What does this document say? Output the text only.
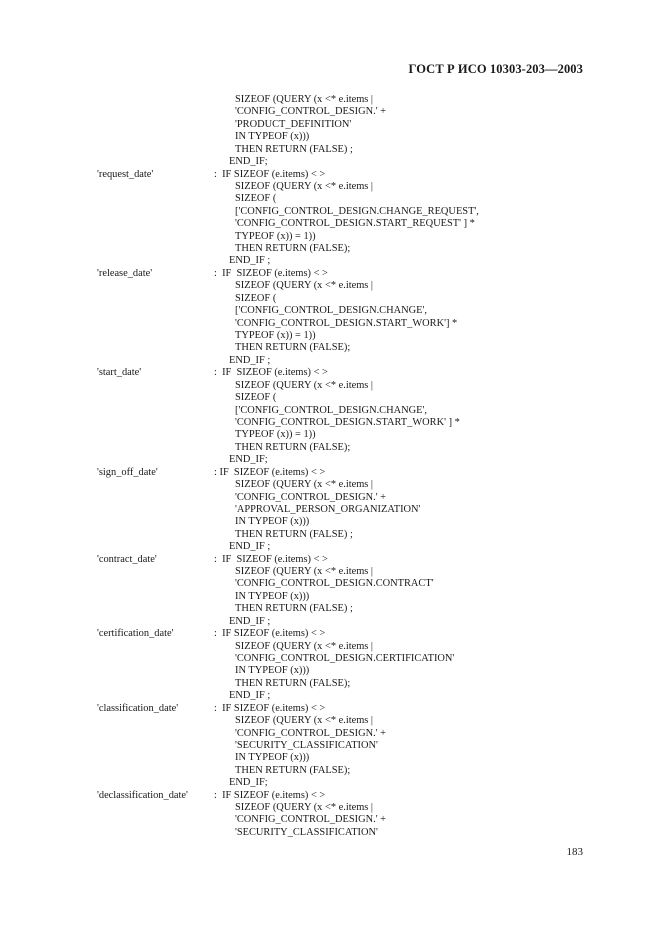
ГОСТ Р ИСО 10303-203—2003
SIZEOF (QUERY (x <* e.items |
'CONFIG_CONTROL_DESIGN.' +
'PRODUCT_DEFINITION'
IN TYPEOF (x)))
THEN RETURN (FALSE) ;
END_IF;
'request_date'	:  IF SIZEOF (e.items) < >
SIZEOF (QUERY (x <* e.items |
SIZEOF (
['CONFIG_CONTROL_DESIGN.CHANGE_REQUEST',
'CONFIG_CONTROL_DESIGN.START_REQUEST' ] *
TYPEOF (x)) = 1))
THEN RETURN (FALSE);
END_IF ;
'release_date'	:  IF  SIZEOF (e.items) < >
SIZEOF (QUERY (x <* e.items |
SIZEOF (
['CONFIG_CONTROL_DESIGN.CHANGE',
'CONFIG_CONTROL_DESIGN.START_WORK'] *
TYPEOF (x)) = 1))
THEN RETURN (FALSE);
END_IF ;
'start_date'	:  IF  SIZEOF (e.items) < >
SIZEOF (QUERY (x <* e.items |
SIZEOF (
['CONFIG_CONTROL_DESIGN.CHANGE',
'CONFIG_CONTROL_DESIGN.START_WORK' ] *
TYPEOF (x)) = 1))
THEN RETURN (FALSE);
END_IF;
'sign_off_date'	: IF  SIZEOF (e.items) < >
SIZEOF (QUERY (x <* e.items |
'CONFIG_CONTROL_DESIGN.' +
'APPROVAL_PERSON_ORGANIZATION'
IN TYPEOF (x)))
THEN RETURN (FALSE) ;
END_IF ;
'contract_date'	:  IF  SIZEOF (e.items) < >
SIZEOF (QUERY (x <* e.items |
'CONFIG_CONTROL_DESIGN.CONTRACT'
IN TYPEOF (x)))
THEN RETURN (FALSE) ;
END_IF ;
'certification_date'	:  IF SIZEOF (e.items) < >
SIZEOF (QUERY (x <* e.items |
'CONFIG_CONTROL_DESIGN.CERTIFICATION'
IN TYPEOF (x)))
THEN RETURN (FALSE);
END_IF ;
'classification_date'	:  IF SIZEOF (e.items) < >
SIZEOF (QUERY (x <* e.items |
'CONFIG_CONTROL_DESIGN.' +
'SECURITY_CLASSIFICATION'
IN TYPEOF (x)))
THEN RETURN (FALSE);
END_IF;
'declassification_date'	:  IF SIZEOF (e.items) < >
SIZEOF (QUERY (x <* e.items |
'CONFIG_CONTROL_DESIGN.' +
'SECURITY_CLASSIFICATION'
183
